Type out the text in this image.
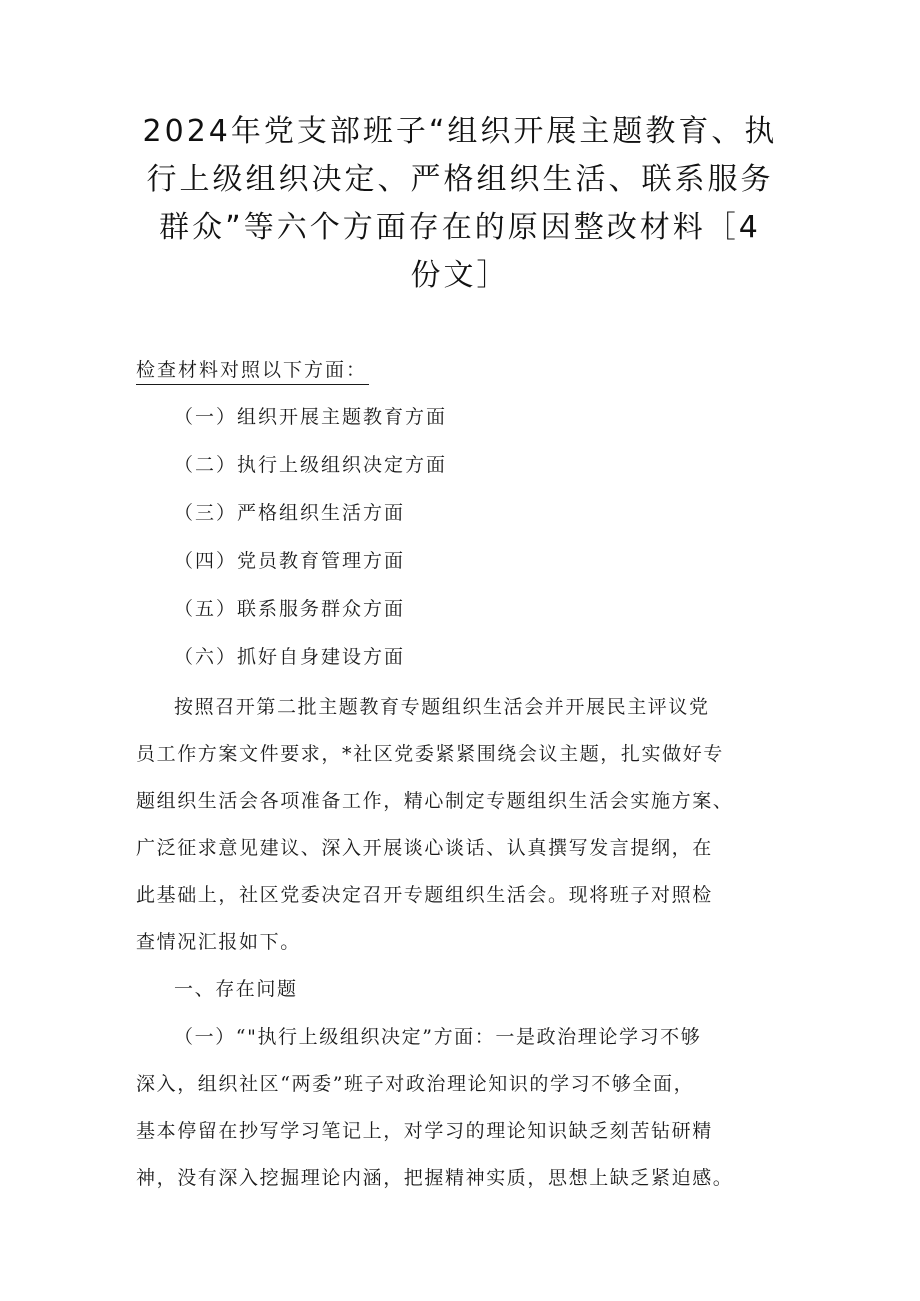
2024年党支部班子“组织开展主题教育、执
行上级组织决定、严格组织生活、联系服务
群众”等六个方面存在的原因整改材料［4
份文］
检查材料对照以下方面：
（一）组织开展主题教育方面
（二）执行上级组织决定方面
（三）严格组织生活方面
（四）党员教育管理方面
（五）联系服务群众方面
（六）抓好自身建设方面

按照召开第二批主题教育专题组织生活会并开展民主评议党
员工作方案文件要求，*社区党委紧紧围绕会议主题，扎实做好专
题组织生活会各项准备工作，精心制定专题组织生活会实施方案、
广泛征求意见建议、深入开展谈心谈话、认真撰写发言提纲，在
此基础上，社区党委决定召开专题组织生活会。现将班子对照检
查情况汇报如下。

一、存在问题

（一）“"执行上级组织决定”方面：一是政治理论学习不够
深入，组织社区“两委”班子对政治理论知识的学习不够全面，
基本停留在抄写学习笔记上，对学习的理论知识缺乏刻苦钻研精
神，没有深入挖掘理论内涵，把握精神实质，思想上缺乏紧迫感。
